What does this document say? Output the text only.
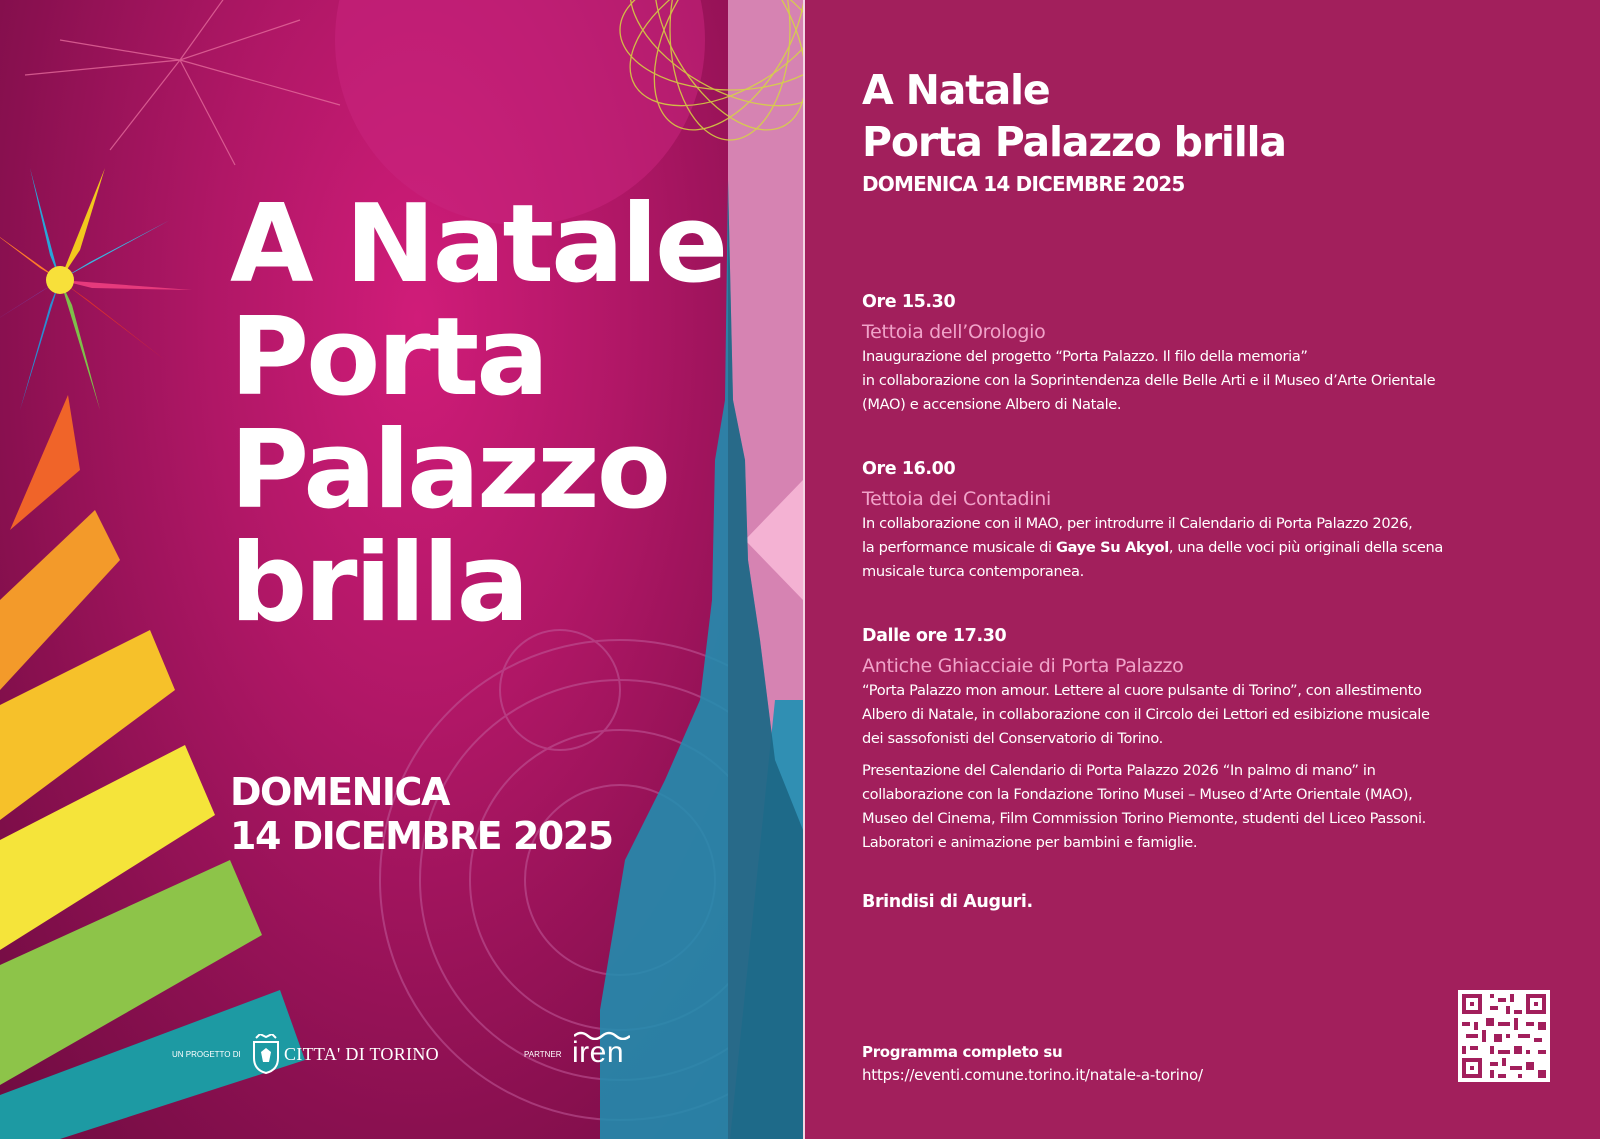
A Natale
Porta
Palazzo
brilla
DOMENICA
14 DICEMBRE 2025
UN PROGETTO DI CITTA' DI TORINO	PARTNER iren
A Natale
Porta Palazzo brilla
DOMENICA 14 DICEMBRE 2025
Ore 15.30
Tettoia dell’Orologio
Inaugurazione del progetto “Porta Palazzo. Il filo della memoria”
in collaborazione con la Soprintendenza delle Belle Arti e il Museo d’Arte Orientale
(MAO) e accensione Albero di Natale.
Ore 16.00
Tettoia dei Contadini
In collaborazione con il MAO, per introdurre il Calendario di Porta Palazzo 2026,
la performance musicale di Gaye Su Akyol, una delle voci più originali della scena
musicale turca contemporanea.
Dalle ore 17.30
Antiche Ghiacciaie di Porta Palazzo
“Porta Palazzo mon amour. Lettere al cuore pulsante di Torino”, con allestimento
Albero di Natale, in collaborazione con il Circolo dei Lettori ed esibizione musicale
dei sassofonisti del Conservatorio di Torino.
Presentazione del Calendario di Porta Palazzo 2026 “In palmo di mano” in
collaborazione con la Fondazione Torino Musei – Museo d’Arte Orientale (MAO),
Museo del Cinema, Film Commission Torino Piemonte, studenti del Liceo Passoni.
Laboratori e animazione per bambini e famiglie.
Brindisi di Auguri.
Programma completo su
https://eventi.comune.torino.it/natale-a-torino/
